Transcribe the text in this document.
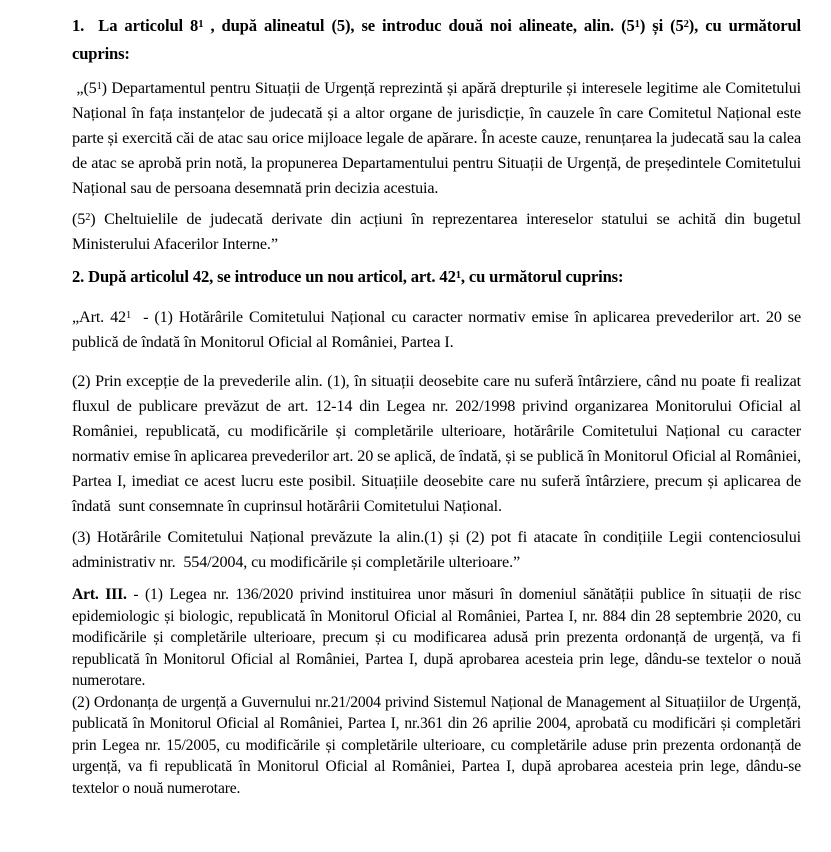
1.  La articolul $8^1$ , după alineatul (5), se introduc două noi alineate, alin. $(5^1)$ și $(5^2)$, cu următorul cuprins:

$„(5^1)$ Departamentul pentru Situații de Urgență reprezintă și apără drepturile și interesele legitime ale Comitetului Național în fața instanțelor de judecată și a altor organe de jurisdicție, în cauzele în care Comitetul Național este parte și exercită căi de atac sau orice mijloace legale de apărare. În aceste cauze, renunțarea la judecată sau la calea de atac se aprobă prin notă, la propunerea Departamentului pentru Situații de Urgență, de președintele Comitetului Național sau de persoana desemnată prin decizia acestuia.

$(5^2)$ Cheltuielile de judecată derivate din acțiuni în reprezentarea intereselor statului se achită din bugetul Ministerului Afacerilor Interne.”

2. După articolul 42, se introduce un nou articol, art. $42^1$, cu următorul cuprins:

„Art. $42^1 - (1)$ Hotărârile Comitetului Național cu caracter normativ emise în aplicarea prevederilor art. 20 se publică de îndată în Monitorul Oficial al României, Partea I.

(2) Prin excepție de la prevederile alin. (1), în situații deosebite care nu suferă întârziere, când nu poate fi realizat fluxul de publicare prevăzut de art. 12-14 din Legea nr. 202/1998 privind organizarea Monitorului Oficial al României, republicată, cu modificările și completările ulterioare, hotărârile Comitetului Național cu caracter normativ emise în aplicarea prevederilor art. 20 se aplică, de îndată, și se publică în Monitorul Oficial al României, Partea I, imediat ce acest lucru este posibil. Situațiile deosebite care nu suferă întârziere, precum și aplicarea de îndată  sunt consemnate în cuprinsul hotărârii Comitetului Național.

(3) Hotărârile Comitetului Național prevăzute la alin.(1) și (2) pot fi atacate în condițiile Legii contenciosului administrativ nr.  554/2004, cu modificările și completările ulterioare.”

Art. III. - (1) Legea nr. 136/2020 privind instituirea unor măsuri în domeniul sănătății publice în situații de risc epidemiologic și biologic, republicată în Monitorul Oficial al României, Partea I, nr. 884 din 28 septembrie 2020, cu modificările și completările ulterioare, precum și cu modificarea adusă prin prezenta ordonanță de urgență, va fi republicată în Monitorul Oficial al României, Partea I, după aprobarea acesteia prin lege, dându-se textelor o nouă numerotare.

(2) Ordonanța de urgență a Guvernului nr.21/2004 privind Sistemul Național de Management al Situațiilor de Urgență, publicată în Monitorul Oficial al României, Partea I, nr.361 din 26 aprilie 2004, aprobată cu modificări și completări prin Legea nr. 15/2005, cu modificările și completările ulterioare, cu completările aduse prin prezenta ordonanță de urgență, va fi republicată în Monitorul Oficial al României, Partea I, după aprobarea acesteia prin lege, dându-se textelor o nouă numerotare.
